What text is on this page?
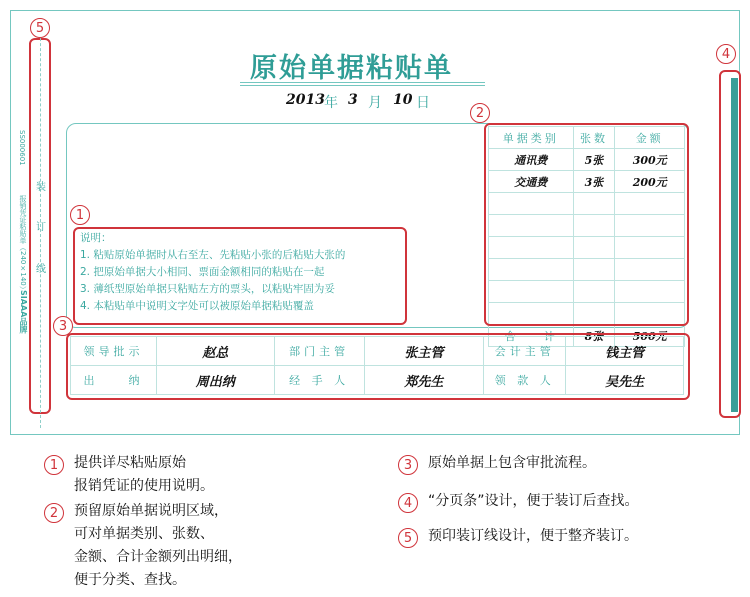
装
订
线
SS000601
报销凭证粘贴单（240×140）
SIAAA品牌
原始单据粘贴单
2013 年 3 月 10 日
单据类别	张数	金额
通讯费	5张	300元
交通费	3张	200元

合　　计	8张	500元
说明：
1. 粘贴原始单据时从右至左、先粘贴小张的后粘贴大张的
2. 把原始单据大小相同、票面金额相同的粘贴在一起
3. 薄纸型原始单据只粘贴左方的票头，以粘贴牢固为妥
4. 本粘贴单中说明文字处可以被原始单据粘贴覆盖
领导批示	赵总	部门主管	张主管	会计主管	钱主管
出　　纳	周出纳	经 手 人	郑先生	领 款 人	吴先生
5
2
1
3
4
1	提供详尽粘贴原始
报销凭证的使用说明。
2	预留原始单据说明区域，
可对单据类别、张数、
金额、合计金额列出明细，
便于分类、查找。
3	原始单据上包含审批流程。
4	“分页条”设计，便于装订后查找。
5	预印装订线设计，便于整齐装订。
